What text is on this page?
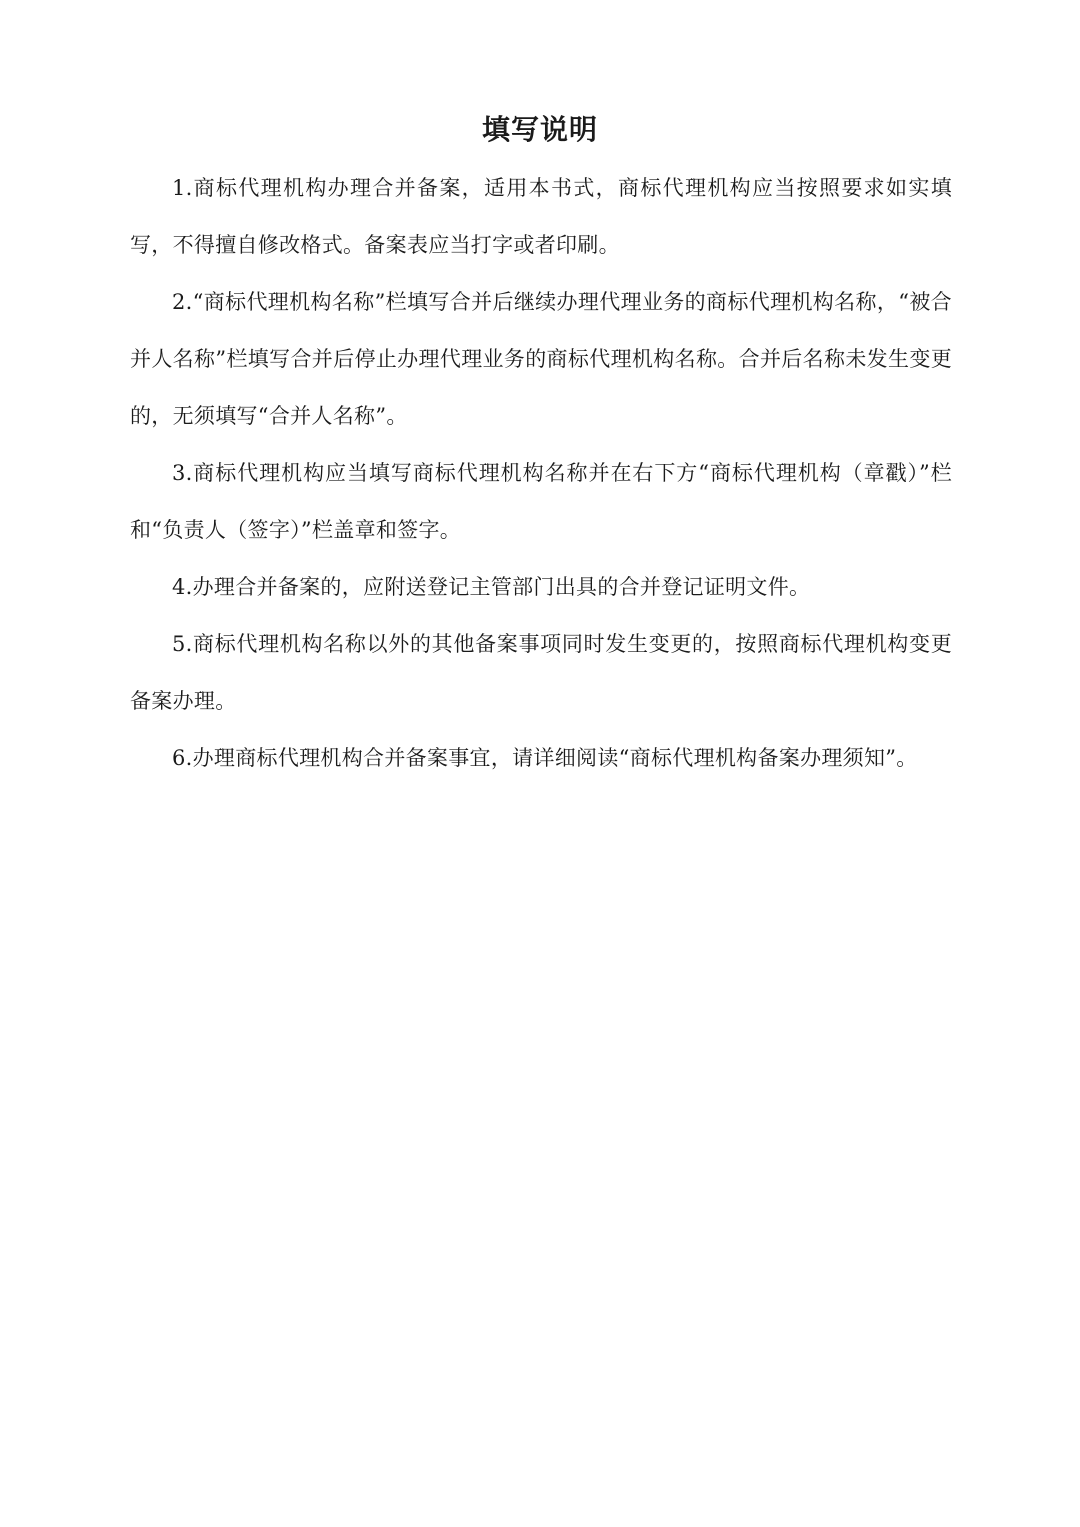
填写说明

1.商标代理机构办理合并备案，适用本书式，商标代理机构应当按照要求如实填写，不得擅自修改格式。备案表应当打字或者印刷。

2.“商标代理机构名称”栏填写合并后继续办理代理业务的商标代理机构名称，“被合并人名称”栏填写合并后停止办理代理业务的商标代理机构名称。合并后名称未发生变更的，无须填写“合并人名称”。

3.商标代理机构应当填写商标代理机构名称并在右下方“商标代理机构（章戳）”栏和“负责人（签字）”栏盖章和签字。

4.办理合并备案的，应附送登记主管部门出具的合并登记证明文件。

5.商标代理机构名称以外的其他备案事项同时发生变更的，按照商标代理机构变更备案办理。

6.办理商标代理机构合并备案事宜，请详细阅读“商标代理机构备案办理须知”。
